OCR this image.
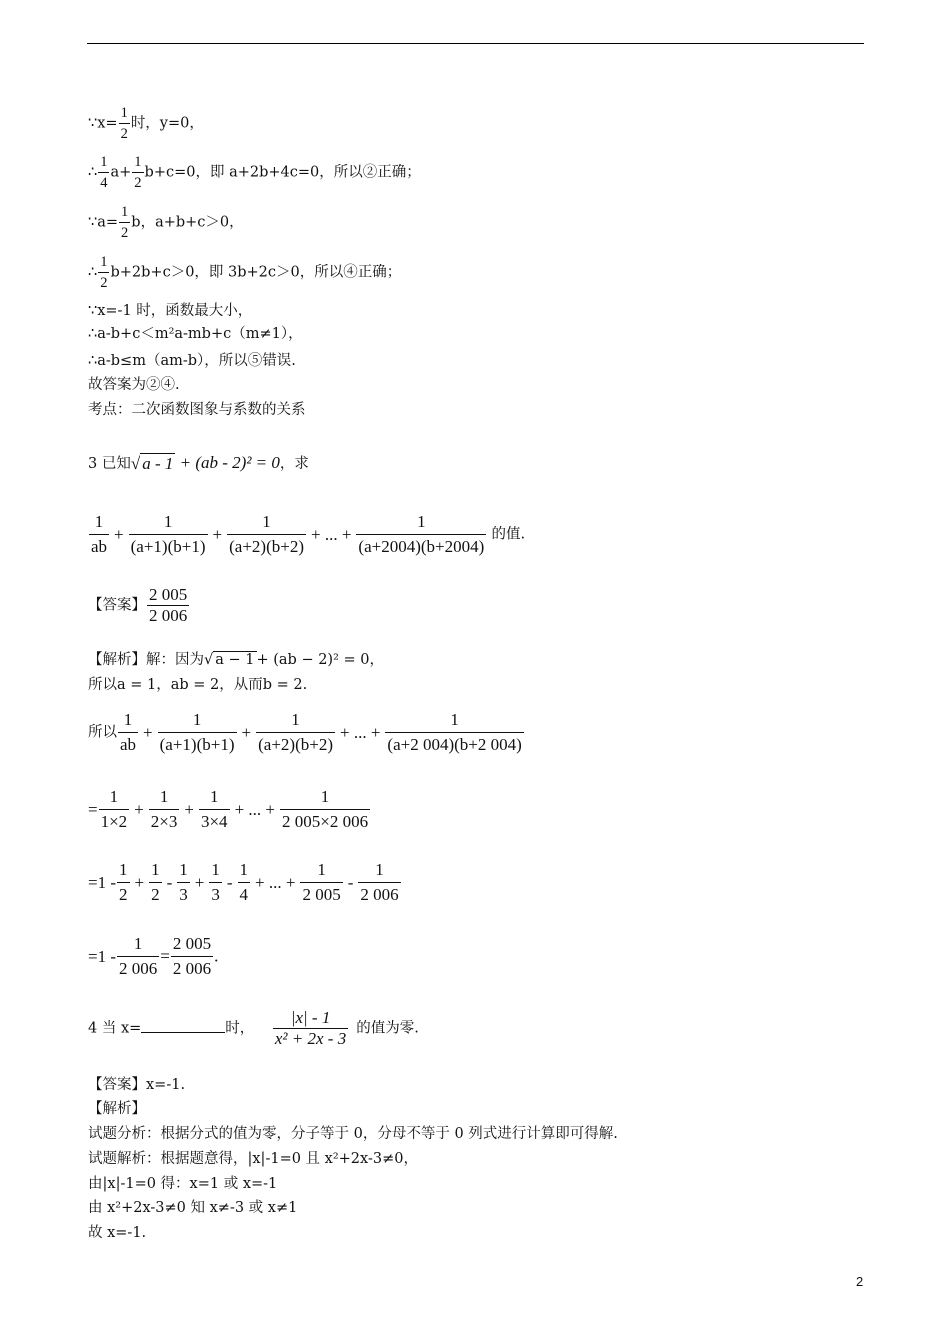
∵x= $\frac{1}{2}$ 时，y=0，
∴ $\frac{1}{4} a+ \frac{1}{2} b+c=0$，即 a+2b+4c=0，所以②正确；
∵a= $\frac{1}{2}$ b，a+b+c＞0，
∴ $\frac{1}{2} b+2b+c>0$，即 3b+2c＞0，所以④正确；
∵x=-1 时，函数最大小，
∴a-b+c＜m²a-mb+c（m≠1），
∴a-b≤m（am-b），所以⑤错误.
故答案为②④.
考点：二次函数图象与系数的关系
3 已知√ a - 1 + (ab - 2)² = 0，求
$\frac{1}{ab} + \frac{1}{(a+1)(b+1)} + \frac{1}{(a+2)(b+2)}$ + ... + $\frac{1}{(a+2004)(b+2004)}$ 的值.
【答案】 $\frac{2 005}{2 006}$
【解析】解：因为√ a − 1 + (ab − 2)² = 0，
所以a = 1，ab = 2，从而b = 2.
所以 $\frac{1}{ab} + \frac{1}{(a+1)(b+1)} + \frac{1}{(a+2)(b+2)}$ + ... + $\frac{1}{(a+2 004)(b+2 004)}$
= $\frac{1}{1\times 2} + \frac{1}{2\times 3} + \frac{1}{3\times 4}$ + ... + $\frac{1}{2 005\times 2 006}$
$=1 - \frac{1}{2} + \frac{1}{2} - \frac{1}{3} + \frac{1}{3} - \frac{1}{4}$ + ... + $\frac{1}{2 005} - \frac{1}{2 006}$
$=1 - \frac{1}{2 006} = \frac{2 005}{2 006}$ .
4 当 x=	时， $\frac{|x| - 1}{\text{x² + 2x - 3}}$ 的值为零.
【答案】x=-1.
【解析】
试题分析：根据分式的值为零，分子等于 0，分母不等于 0 列式进行计算即可得解.
试题解析：根据题意得，|x|-1=0 且 x²+2x-3≠0，
由|x|-1=0 得：x=1 或 x=-1
由 x²+2x-3≠0 知 x≠-3 或 x≠1
故 x=-1.
2
